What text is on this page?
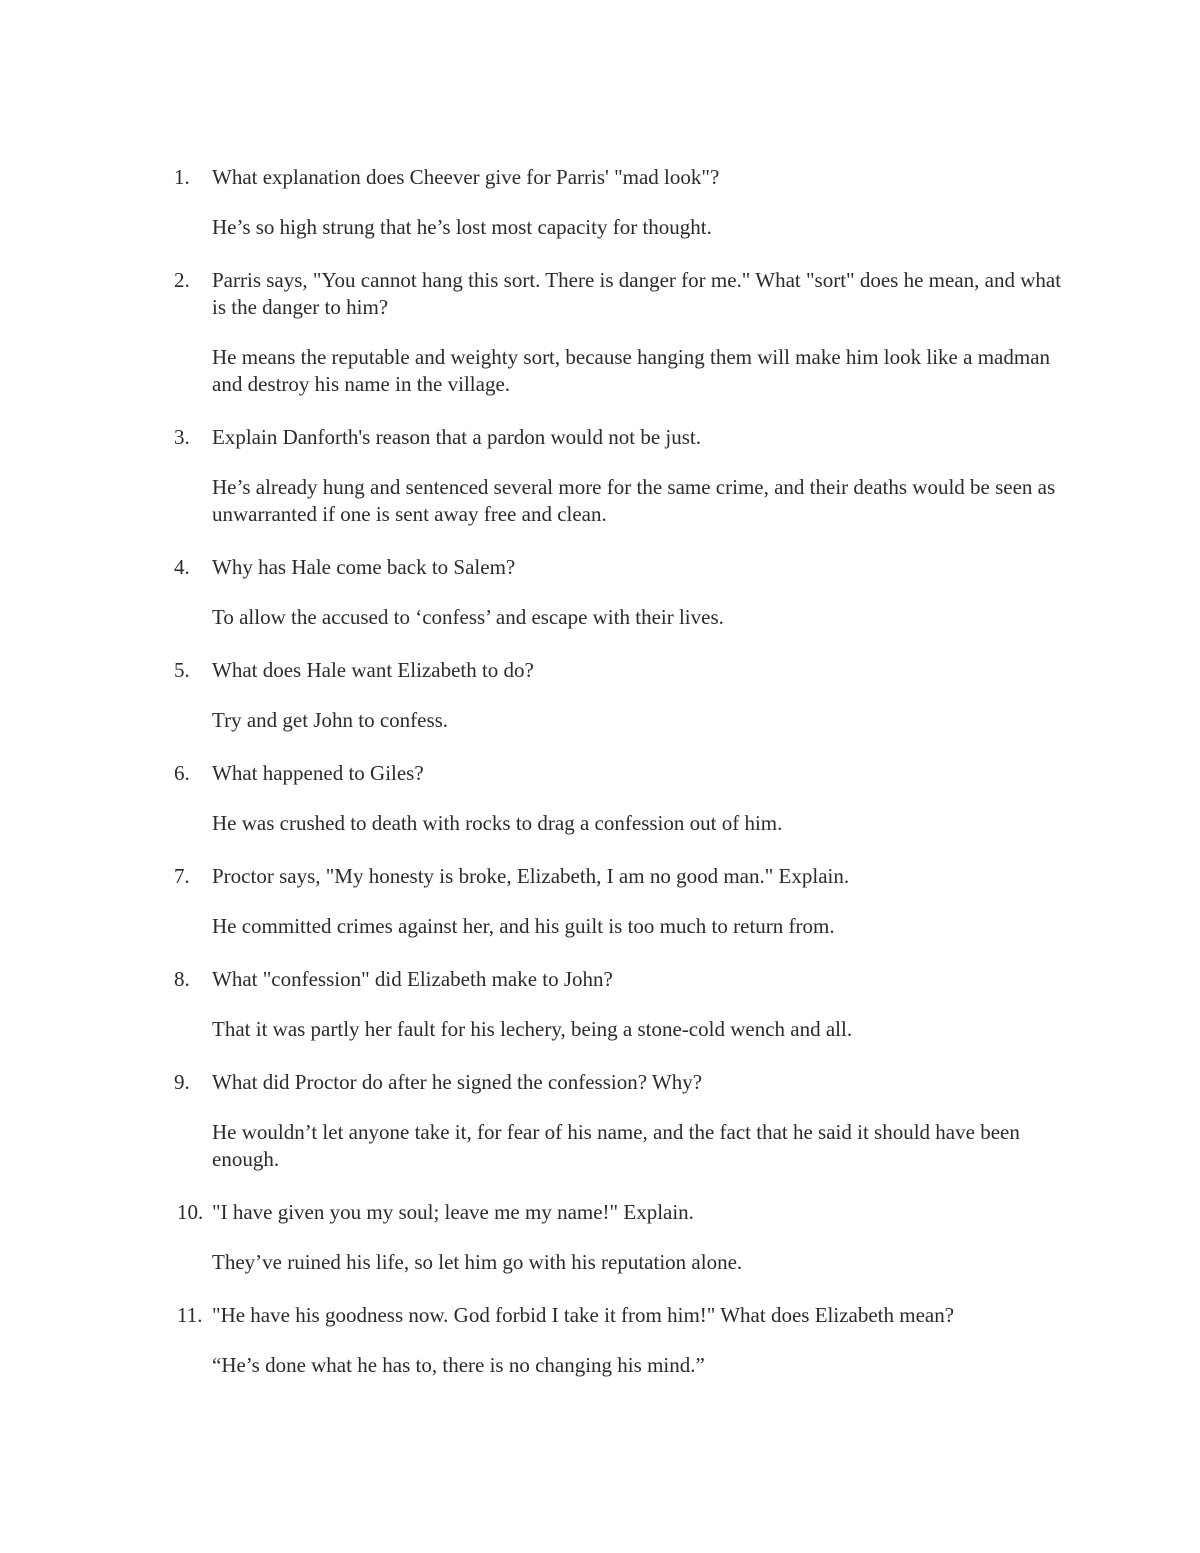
1.	What explanation does Cheever give for Parris' "mad look"?

He’s so high strung that he’s lost most capacity for thought.

2.	Parris says, "You cannot hang this sort. There is danger for me." What "sort" does he mean, and what is the danger to him?

He means the reputable and weighty sort, because hanging them will make him look like a madman and destroy his name in the village.

3.	Explain Danforth's reason that a pardon would not be just.

He’s already hung and sentenced several more for the same crime, and their deaths would be seen as unwarranted if one is sent away free and clean.

4.	Why has Hale come back to Salem?

To allow the accused to ‘confess’ and escape with their lives.

5.	What does Hale want Elizabeth to do?

Try and get John to confess.

6.	What happened to Giles?

He was crushed to death with rocks to drag a confession out of him.

7.	Proctor says, "My honesty is broke, Elizabeth, I am no good man." Explain.

He committed crimes against her, and his guilt is too much to return from.

8.	What "confession" did Elizabeth make to John?

That it was partly her fault for his lechery, being a stone-cold wench and all.

9.	What did Proctor do after he signed the confession? Why?

He wouldn’t let anyone take it, for fear of his name, and the fact that he said it should have been enough.

10. "I have given you my soul; leave me my name!" Explain.

They’ve ruined his life, so let him go with his reputation alone.

11. "He have his goodness now. God forbid I take it from him!" What does Elizabeth mean?

“He’s done what he has to, there is no changing his mind.”
